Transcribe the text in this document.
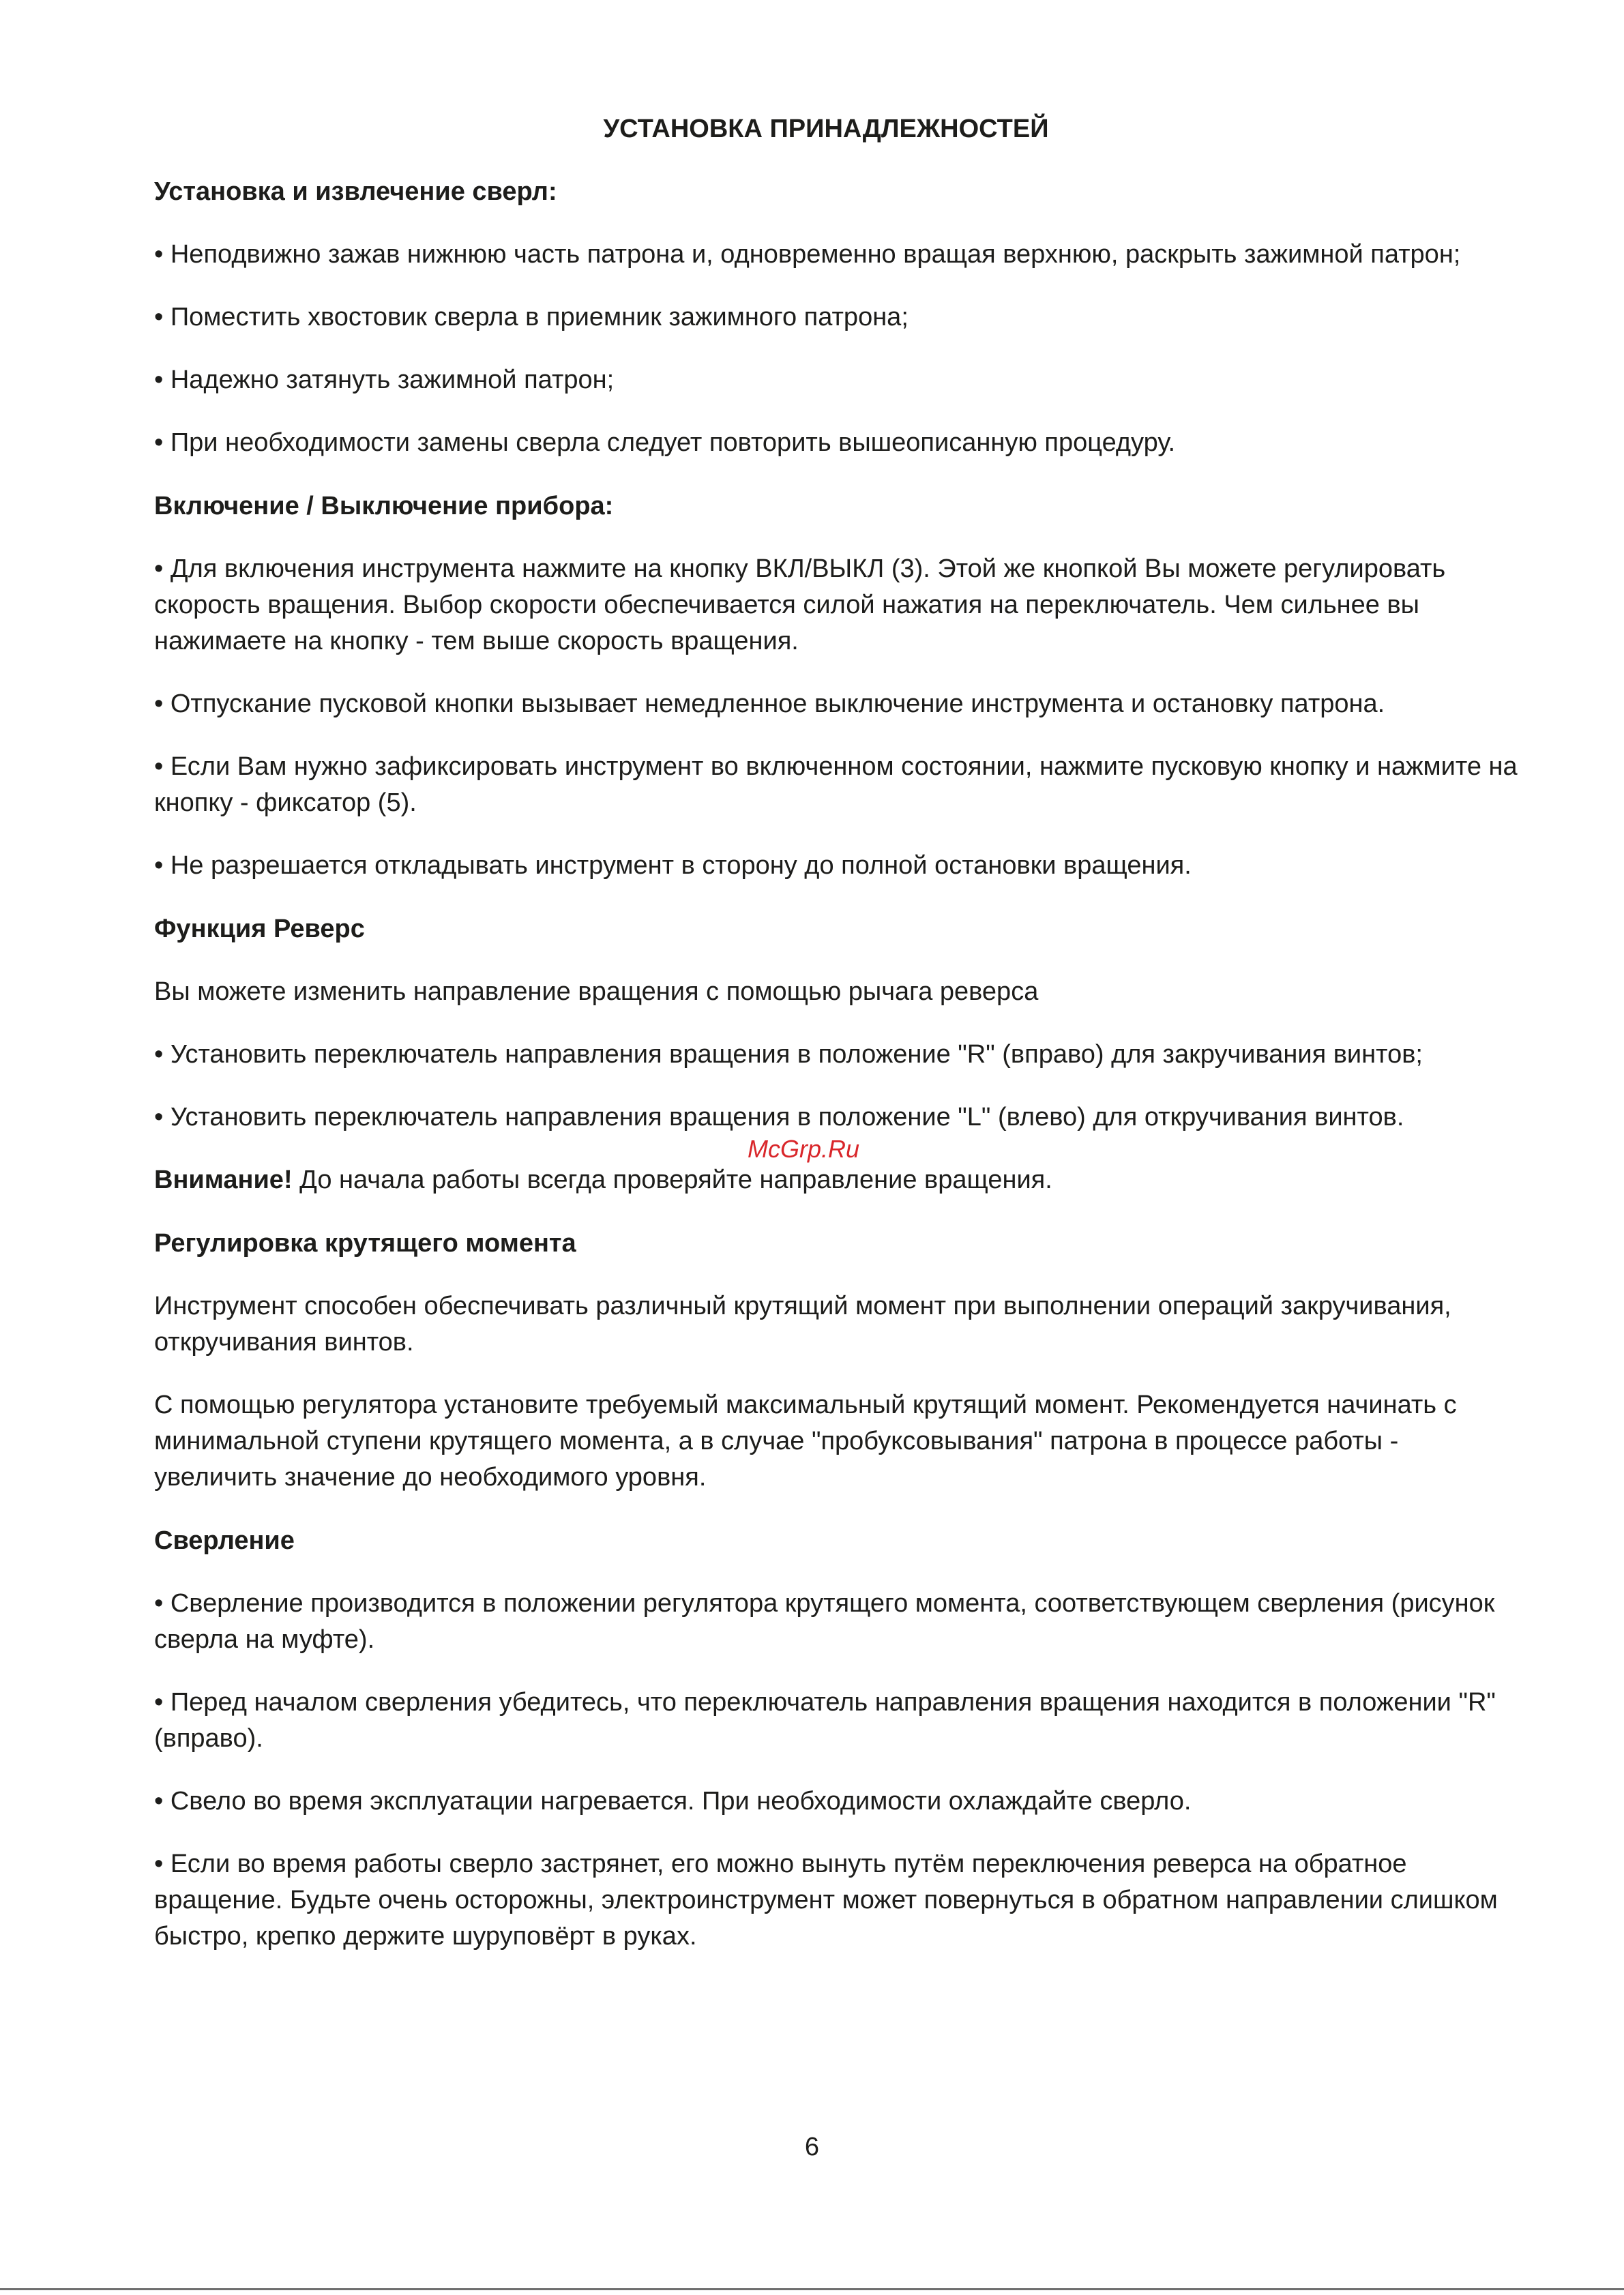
УСТАНОВКА ПРИНАДЛЕЖНОСТЕЙ
Установка и извлечение сверл:

• Неподвижно зажав нижнюю часть патрона и, одновременно вращая верхнюю, раскрыть зажимной патрон;

• Поместить хвостовик сверла в приемник зажимного патрона;

• Надежно затянуть зажимной патрон;

• При необходимости замены сверла следует повторить вышеописанную процедуру.

Включение / Выключение прибора:

• Для включения инструмента нажмите на кнопку ВКЛ/ВЫКЛ (3). Этой же кнопкой Вы можете регулировать скорость вращения. Выбор скорости обеспечивается силой нажатия на переключатель. Чем сильнее вы нажимаете на кнопку - тем выше скорость вращения.

• Отпускание пусковой кнопки вызывает немедленное выключение инструмента и остановку патрона.

• Если Вам нужно зафиксировать инструмент во включенном состоянии, нажмите пусковую кнопку и нажмите на кнопку - фиксатор (5).

• Не разрешается откладывать инструмент в сторону до полной остановки вращения.

Функция Реверс

Вы можете изменить направление вращения с помощью рычага реверса

• Установить переключатель направления вращения в положение "R" (вправо) для закручивания винтов;

• Установить переключатель направления вращения в положение "L" (влево) для откручивания винтов.

Внимание! До начала работы всегда проверяйте направление вращения.

Регулировка крутящего момента

Инструмент способен обеспечивать различный крутящий момент при выполнении операций закручивания, откручивания винтов.

С помощью регулятора установите требуемый максимальный крутящий момент. Рекомендуется начинать с минимальной ступени крутящего момента, а в случае "пробуксовывания" патрона в процессе работы - увеличить значение до необходимого уровня.

Сверление

• Сверление производится в положении регулятора крутящего момента, соответствующем сверления (рисунок сверла на муфте).

• Перед началом сверления убедитесь, что переключатель направления вращения находится в положении "R" (вправо).

• Свело во время эксплуатации нагревается. При необходимости охлаждайте сверло.

• Если во время работы сверло застрянет, его можно вынуть путём переключения реверса на обратное вращение. Будьте очень осторожны, электроинструмент может повернуться в обратном направлении слишком быстро, крепко держите шуруповёрт в руках.

McGrp.Ru
6
